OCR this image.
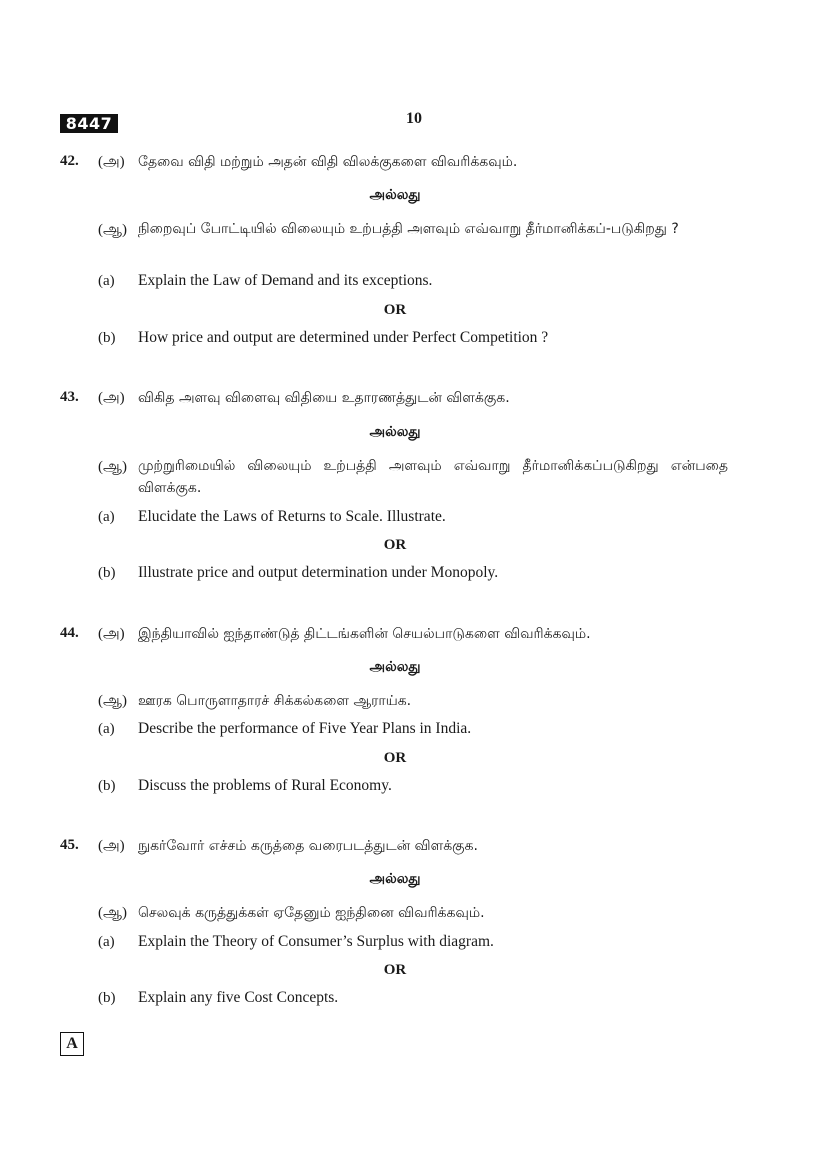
8447	10
42. (அ) தேவை விதி மற்றும் அதன் விதி விலக்குகளை விவரிக்கவும்.
அல்லது
(ஆ) நிறைவுப் போட்டியில் விலையும் உற்பத்தி அளவும் எவ்வாறு தீர்மானிக்கப்-படுகிறது ?
(a) Explain the Law of Demand and its exceptions.
OR
(b) How price and output are determined under Perfect Competition ?
43. (அ) விகித அளவு விளைவு விதியை உதாரணத்துடன் விளக்குக.
அல்லது
(ஆ) முற்றுரிமையில் விலையும் உற்பத்தி அளவும் எவ்வாறு தீர்மானிக்கப்படுகிறது என்பதை விளக்குக.
(a) Elucidate the Laws of Returns to Scale. Illustrate.
OR
(b) Illustrate price and output determination under Monopoly.
44. (அ) இந்தியாவில் ஐந்தாண்டுத் திட்டங்களின் செயல்பாடுகளை விவரிக்கவும்.
அல்லது
(ஆ) ஊரக பொருளாதாரச் சிக்கல்களை ஆராய்க.
(a) Describe the performance of Five Year Plans in India.
OR
(b) Discuss the problems of Rural Economy.
45. (அ) நுகர்வோர் எச்சம் கருத்தை வரைபடத்துடன் விளக்குக.
அல்லது
(ஆ) செலவுக் கருத்துக்கள் ஏதேனும் ஐந்தினை விவரிக்கவும்.
(a) Explain the Theory of Consumer’s Surplus with diagram.
OR
(b) Explain any five Cost Concepts.
A
